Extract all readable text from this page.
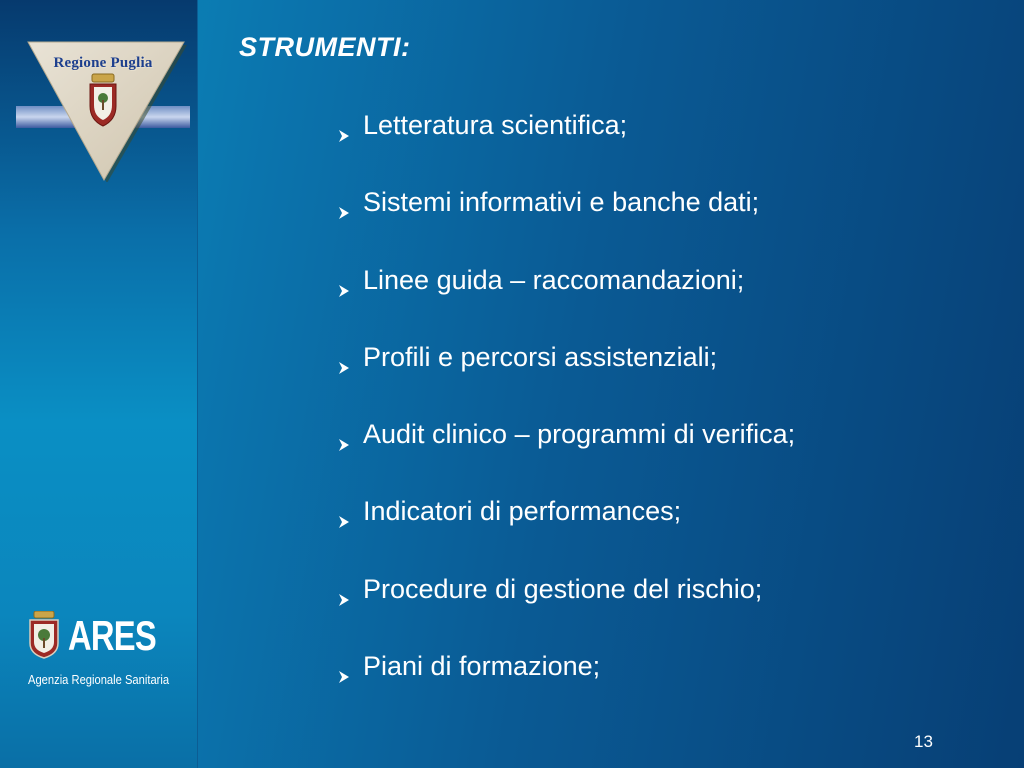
Regione Puglia
ARES
Agenzia Regionale Sanitaria
STRUMENTI:
Letteratura scientifica;
Sistemi informativi e banche dati;
Linee guida – raccomandazioni;
Profili e percorsi assistenziali;
Audit clinico – programmi di verifica;
Indicatori di performances;
Procedure di gestione del rischio;
Piani di formazione;
13
